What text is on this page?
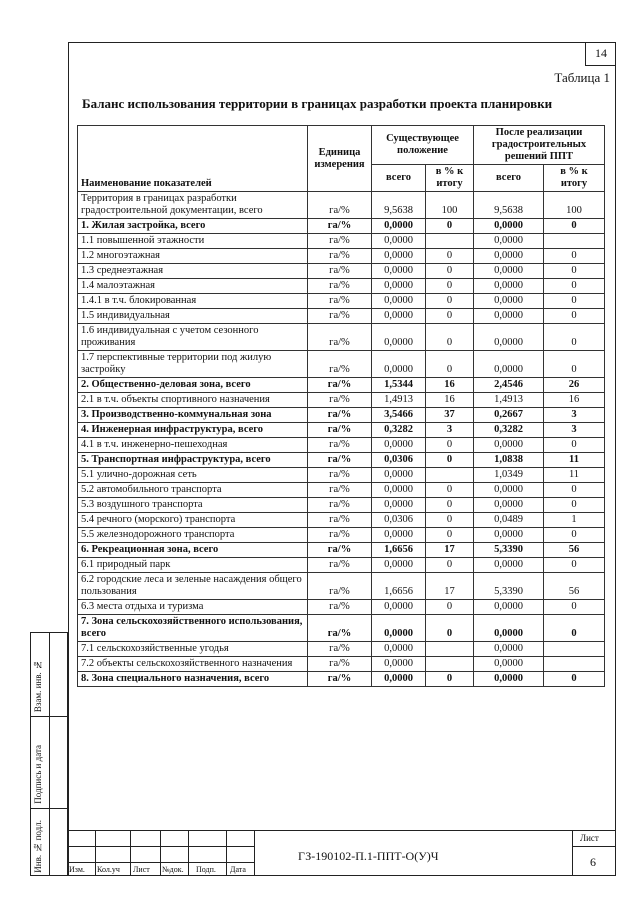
14
Таблица 1
Баланс использования территории в границах разработки проекта планировки
Наименование показателей	Единица измерения	Существующее положение		После реализации градостроительных решений ППТ	
		всего	в % к итогу	всего	в % к итогу
Территория в границах разработки градостроительной документации, всего	га/%	9,5638	100	9,5638	100
1. Жилая застройка, всего	га/%	0,0000	0	0,0000	0
1.1 повышенной этажности	га/%	0,0000		0,0000	
1.2 многоэтажная	га/%	0,0000	0	0,0000	0
1.3 среднеэтажная	га/%	0,0000	0	0,0000	0
1.4 малоэтажная	га/%	0,0000	0	0,0000	0
1.4.1 в т.ч. блокированная	га/%	0,0000	0	0,0000	0
1.5 индивидуальная	га/%	0,0000	0	0,0000	0
1.6 индивидуальная с учетом сезонного проживания	га/%	0,0000	0	0,0000	0
1.7 перспективные территории под жилую застройку	га/%	0,0000	0	0,0000	0
2. Общественно-деловая зона, всего	га/%	1,5344	16	2,4546	26
2.1 в т.ч. объекты спортивного назначения	га/%	1,4913	16	1,4913	16
3. Производственно-коммунальная зона	га/%	3,5466	37	0,2667	3
4. Инженерная инфраструктура, всего	га/%	0,3282	3	0,3282	3
4.1 в т.ч. инженерно-пешеходная	га/%	0,0000	0	0,0000	0
5. Транспортная инфраструктура, всего	га/%	0,0306	0	1,0838	11
5.1 улично-дорожная сеть	га/%	0,0000		1,0349	11
5.2 автомобильного транспорта	га/%	0,0000	0	0,0000	0
5.3 воздушного транспорта	га/%	0,0000	0	0,0000	0
5.4 речного (морского) транспорта	га/%	0,0306	0	0,0489	1
5.5 железнодорожного транспорта	га/%	0,0000	0	0,0000	0
6. Рекреационная зона, всего	га/%	1,6656	17	5,3390	56
6.1 природный парк	га/%	0,0000	0	0,0000	0
6.2 городские леса и зеленые насаждения общего пользования	га/%	1,6656	17	5,3390	56
6.3 места отдыха и туризма	га/%	0,0000	0	0,0000	0
7. Зона сельскохозяйственного использования, всего	га/%	0,0000	0	0,0000	0
7.1 сельскохозяйственные угодья	га/%	0,0000		0,0000	
7.2 объекты сельскохозяйственного назначения	га/%	0,0000		0,0000	
8. Зона специального назначения, всего	га/%	0,0000	0	0,0000	0
Взам. инв. №
Подпись и дата
Инв. № подл.	Изм. Кол.уч Лист №док. Подп. Дата
ГЗ-190102-П.1-ППТ-О(У)Ч
Лист
6
